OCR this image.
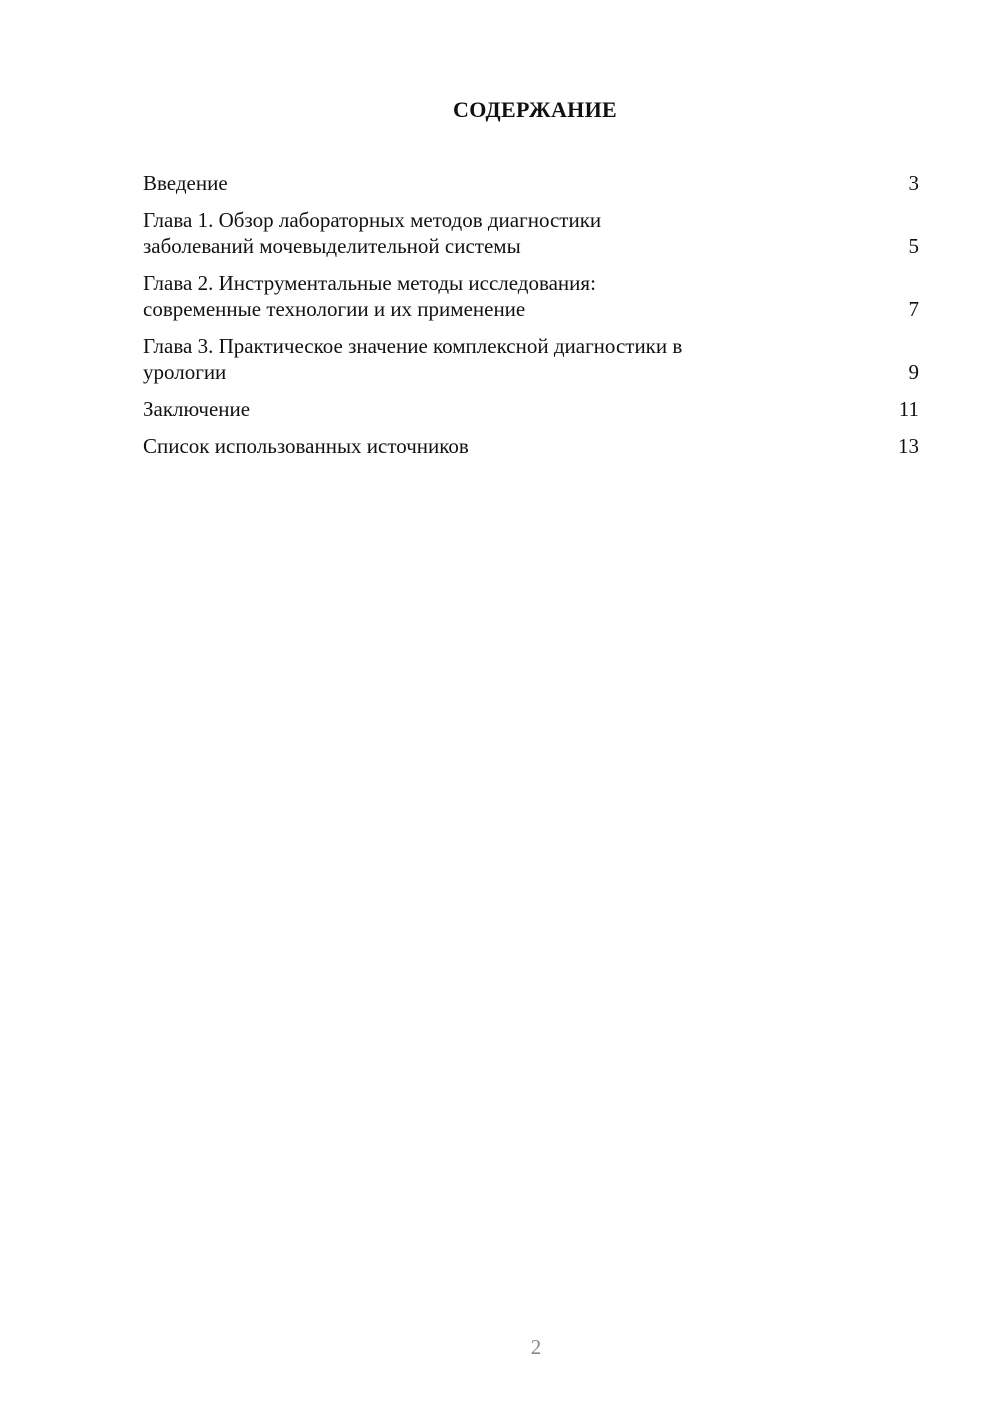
СОДЕРЖАНИЕ
Введение	3
Глава 1. Обзор лабораторных методов диагностики
заболеваний мочевыделительной системы	5
Глава 2. Инструментальные методы исследования:
современные технологии и их применение	7
Глава 3. Практическое значение комплексной диагностики в
урологии	9
Заключение	11
Список использованных источников	13
2
